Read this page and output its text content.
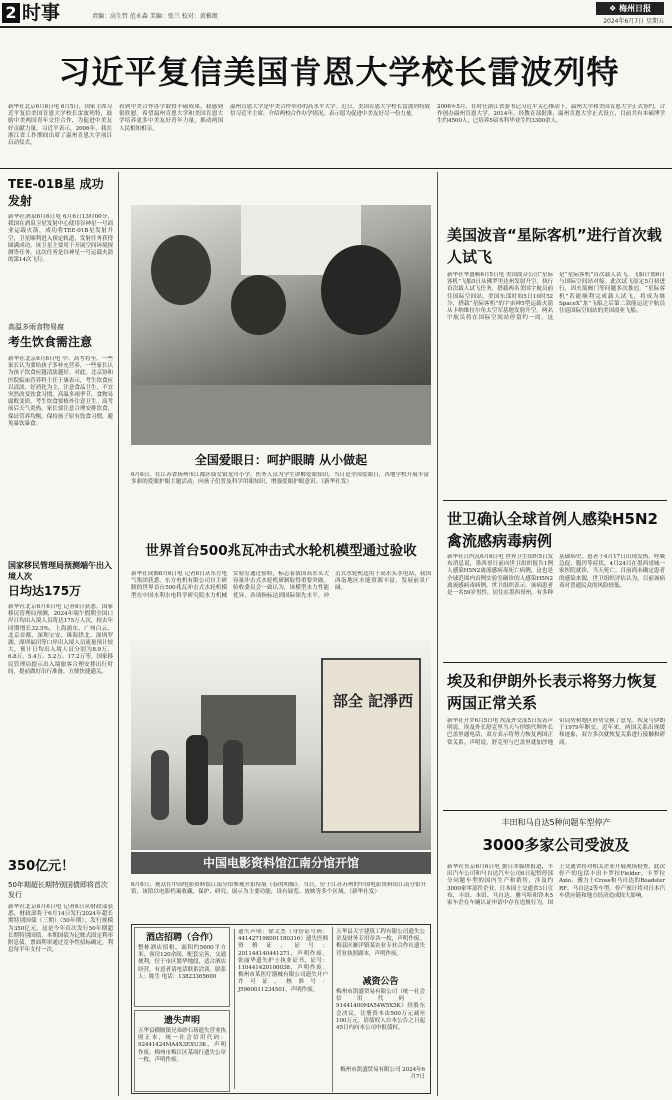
2 时事	责编：高生哲 范永森 美编：张兰 校对：黄雅颂
❖ 梅州日报
2024年6月7日 星期五
习近平复信美国肯恩大学校长雷波列特
新华社北京6月6日电 6月5日，国家主席习近平复信美国肯恩大学校长雷波列特，鼓励中美两国青年交往合作，为促进中美友好贡献力量。习近平表示，2006年，我在浙江省工作期间出席了温州肯恩大学项目启动仪式。
看到中美合作办学取得丰硕成果，我感到很欣慰。希望温州肯恩大学和美国肯恩大学培养更多中美友好青年力量，推动两国人民相知相亲。
温州肯恩大学是中美合作举办的高水平大学。近日，美国肯恩大学校长雷波列特致信习近平主席，介绍两校合作办学情况，表示愿为促进中美友好尽一份力量。
2006年5月，在时任浙江省委书记习近平关心推动下，温州大学和美国肯恩大学正式签约，合作创办温州肯恩大学。2014年，经教育部批准，温州肯恩大学正式设立，目前共有本硕博学生约4500人，已培养5届本科毕业生约3300余人。
TEE-01B星 成功发射
新华社酒泉6月6日电 6月6日13时00分，我国在酒泉卫星发射中心使用谷神星一号商业运载火箭，成功将TEE-01B星发射升空，卫星顺利进入预定轨道，发射任务获得圆满成功。该卫星主要用于开展空间环境探测等任务。这次任务是谷神星一号运载火箭的第14次飞行。
高温多雨食物易腐
考生饮食需注意
新华社北京6月6日电 中、高考将至，一些家长认为要给孩子多补充营养，一些家长认为孩子饮食应越清淡越好。对此，北京协和医院临床营养科主任于康表示，考生饮食应以清淡、好消化为主，注意食品卫生，不宜突然改变饮食习惯。高温多雨季节，食物易腐败变质，考生饮食要格外注意卫生。高考前后天气炎热，家长要注意合理安排饮食，保证营养均衡，保持孩子原有饮食习惯，避免暴饮暴食。
国家移民管理局预测端午出入境人次
日均达175万
新华社北京6月6日电 记者6日获悉，国家移民管理局预测，2024年端午假期全国口岸日均出入境人员将达175万人次，较去年同期增长32.5%。上海浦东、广州白云、北京首都、深圳宝安、珠海拱北、深圳罗湖、深圳福田等口岸出入境人员流量预计较大，预计日均出入境人员分别为8.9万、6.8万、5.4万、5.2万、17.2万等。国家移民管理局提示出入境旅客合理安排出行时间，提前做好出行准备，方便快捷通关。
350亿元！
50年期超长期特别国债即将首次发行
新华社北京6月6日电 记者6日从财政部获悉，财政部将于6月14日发行2024年超长期特别国债（三期）（50年期），发行规模为350亿元。这是今年首次发行50年期超长期特别国债。本期国债为记账式固定利率附息债，票面利率通过竞争性招标确定，利息每半年支付一次。
全国爱眼日：呵护眼睛 从小做起
6月6日，在江苏省扬州市江都区仙女镇龙川小学，医务人员为学生讲解爱眼知识。当日是全国爱眼日，各地学校开展丰富多彩的爱眼护眼主题活动，向孩子们普及科学用眼知识，增强爱眼护眼意识。（新华社发）
世界首台500兆瓦冲击式水轮机模型通过验收
新华社成都6月6日电 记者6日从东方电气集团获悉，东方电机有限公司自主研制的世界首台500兆瓦冲击式水轮机模型在中国水利水电科学研究院水力机械实验室通过验收，标志着我国高水头大容量冲击式水轮机研制取得重要突破。验收委员会一致认为，该模型水力性能优异，各项指标达到国际领先水平。冲击式水轮机适用于高水头水电站，我国西南地区水能资源丰富，发展前景广阔。
部全 記淨西
中国电影资料馆江南分馆开馆
6月6日，观众在中国电影资料馆江南分馆参观开馆特展《春的明媚》。当日，位于江苏苏州的中国电影资料馆江南分馆开馆，该馆以电影档案收藏、保护、研究、展示为主要功能，设有展览、放映等多个区域。（新华社发）
酒店招聘（合作）
整栋酒店招租，面积约5600平方米，客房120余间，配套完善，交通便利，位于市区繁华地段，适合酒店经营，有意者请电话联系洽谈。联系人：陈生 电话：13823365600
遗失声明
五华县横陂镇兄弟砂石场遗失营业执照正本，统一社会信用代码：92441424MA4X3EXU3K，声明作废。梅州市梅江区某商行遗失公章一枚，声明作废。
遗失声明：徐文杰（身份证号码：441427198001180316）遗失医师资格证，证号：201144140441271，声明作废。张丽华遗失护士执业证书，证号：110441420100038，声明作废。梅州市某医疗器械有限公司遗失开户许可证，核准号：J5960011234501，声明作废。
五华县天宇建筑工程有限公司遗失公章及财务专用章各一枚，声明作废。梅县区雁洋镇某农业专业合作社遗失营业执照副本，声明作废。
减资公告
梅州市凯盛贸易有限公司（统一社会信用代码：91441400MA54W5X5K）经股东会决议，注册资本由500万元减至100万元。请债权人自本公告之日起45日内向本公司申报债权。
梅州市凯盛贸易有限公司 2024年6月7日
美国波音“星际客机”进行首次载人试飞
新华社华盛顿6月5日电 美国波音公司“星际客机”飞船5日从佛罗里达州发射升空，执行首次载人试飞任务，搭载两名美国宇航员前往国际空间站。美国东部时间5日10时52分，搭载“星际客机”的宇宙神5型运载火箭从卡纳维拉尔角太空军基地发射升空。两名宇航员将在国际空间站停留约一周。这是“星际客机”首次载人试飞。飞船计划6日与国际空间站对接。此次试飞原定5月初进行，因火箭阀门等问题多次推迟。“星际客机”若能顺利完成载人试飞，将成为继SpaceX“龙”飞船之后第二款能运送宇航员往返国际空间站的美国商业飞船。
世卫确认全球首例人感染H5N2禽流感病毒病例
新华社日内瓦6月6日电 世界卫生组织5日发布消息说，墨西哥日前向世卫组织报告1例人感染H5N2禽流感病毒死亡病例，这也是全球范围内首例实验室确诊的人感染H5N2禽流感病毒病例。世卫组织表示，该病患者是一名59岁男性，居住在墨西哥州，有多种基础病史。患者于4月17日出现发热、呼吸急促、腹泻等症状，4月24日在墨西哥城一家医院就诊，当天死亡。目前尚未确定患者的感染来源，世卫组织评估认为，目前该病毒对普通民众的风险较低。
埃及和伊朗外长表示将努力恢复两国正常关系
新华社开罗6月5日电 埃及外交部5日发表声明说，埃及外长舒克里当天与伊朗代理外长巴盖里通电话，双方表示将努力恢复两国正常关系。声明说，舒克里与巴盖里就加沙地带局势和地区形势交换了意见。埃及与伊朗于1979年断交。近年来，两国关系出现缓和迹象，双方多次就恢复关系进行接触和磋商。
丰田和马自达5种问题车型停产
3000多家公司受波及
新华社东京6月6日电 据日本媒体报道，丰田汽车公司和马自达汽车公司6日起暂停部分问题车型的国内生产和销售，涉及约3000家零部件企业。日本国土交通省3日宣布，丰田、本田、马自达、雅马哈和铃木5家车企在车辆认证申请中存在违规行为，国土交通省将对相关企业开展现场检查。此次停产的包括丰田卡罗拉Fielder、卡罗拉Axio、雅力士Cross和马自达的Roadster RF、马自达2等车型。停产预计将对日本汽车供应链和地方经济造成较大影响。
